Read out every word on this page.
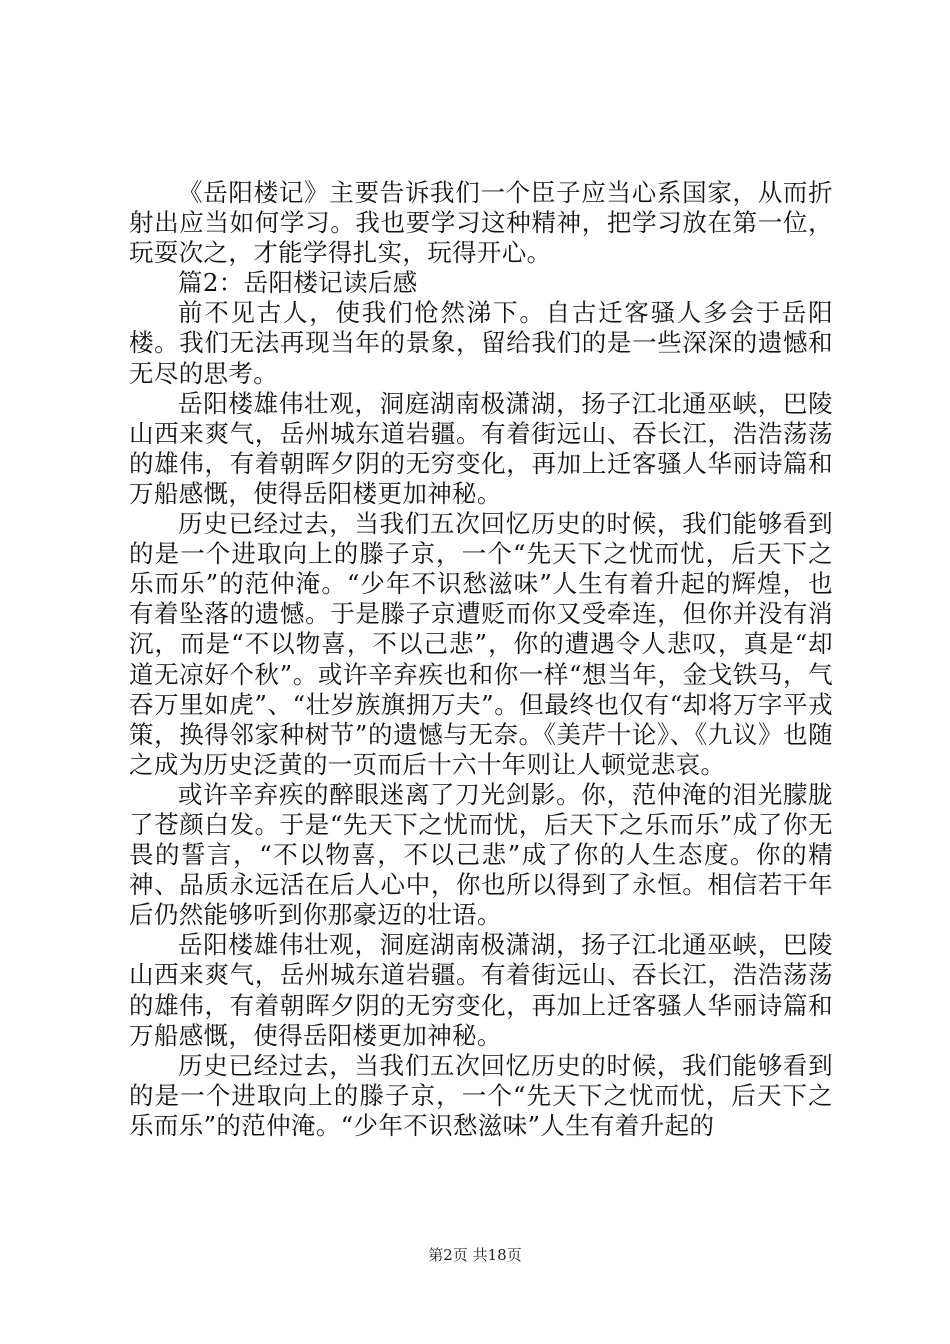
《岳阳楼记》主要告诉我们一个臣子应当心系国家，从而折射出应当如何学习。我也要学习这种精神，把学习放在第一位，玩耍次之，才能学得扎实，玩得开心。

篇2：岳阳楼记读后感

前不见古人，使我们怆然涕下。自古迁客骚人多会于岳阳楼。我们无法再现当年的景象，留给我们的是一些深深的遗憾和无尽的思考。

岳阳楼雄伟壮观，洞庭湖南极潇湖，扬子江北通巫峡，巴陵山西来爽气，岳州城东道岩疆。有着街远山、吞长江，浩浩荡荡的雄伟，有着朝晖夕阴的无穷变化，再加上迁客骚人华丽诗篇和万船感慨，使得岳阳楼更加神秘。

历史已经过去，当我们五次回忆历史的时候，我们能够看到的是一个进取向上的滕子京，一个“先天下之忧而忧，后天下之乐而乐”的范仲淹。“少年不识愁滋味”人生有着升起的辉煌，也有着坠落的遗憾。于是滕子京遭贬而你又受牵连，但你并没有消沉，而是“不以物喜，不以己悲”，你的遭遇令人悲叹，真是“却道无凉好个秋”。或许辛弃疾也和你一样“想当年，金戈铁马，气吞万里如虎”、“壮岁族旗拥万夫”。但最终也仅有“却将万字平戎策，换得邻家种树节”的遗憾与无奈。《美芹十论》、《九议》也随之成为历史泛黄的一页而后十六十年则让人顿觉悲哀。

或许辛弃疾的醉眼迷离了刀光剑影。你，范仲淹的泪光朦胧了苍颜白发。于是“先天下之忧而忧，后天下之乐而乐”成了你无畏的誓言，“不以物喜，不以己悲”成了你的人生态度。你的精神、品质永远活在后人心中，你也所以得到了永恒。相信若干年后仍然能够听到你那豪迈的壮语。

岳阳楼雄伟壮观，洞庭湖南极潇湖，扬子江北通巫峡，巴陵山西来爽气，岳州城东道岩疆。有着街远山、吞长江，浩浩荡荡的雄伟，有着朝晖夕阴的无穷变化，再加上迁客骚人华丽诗篇和万船感慨，使得岳阳楼更加神秘。

历史已经过去，当我们五次回忆历史的时候，我们能够看到的是一个进取向上的滕子京，一个“先天下之忧而忧，后天下之乐而乐”的范仲淹。“少年不识愁滋味”人生有着升起的

第2页 共18页
